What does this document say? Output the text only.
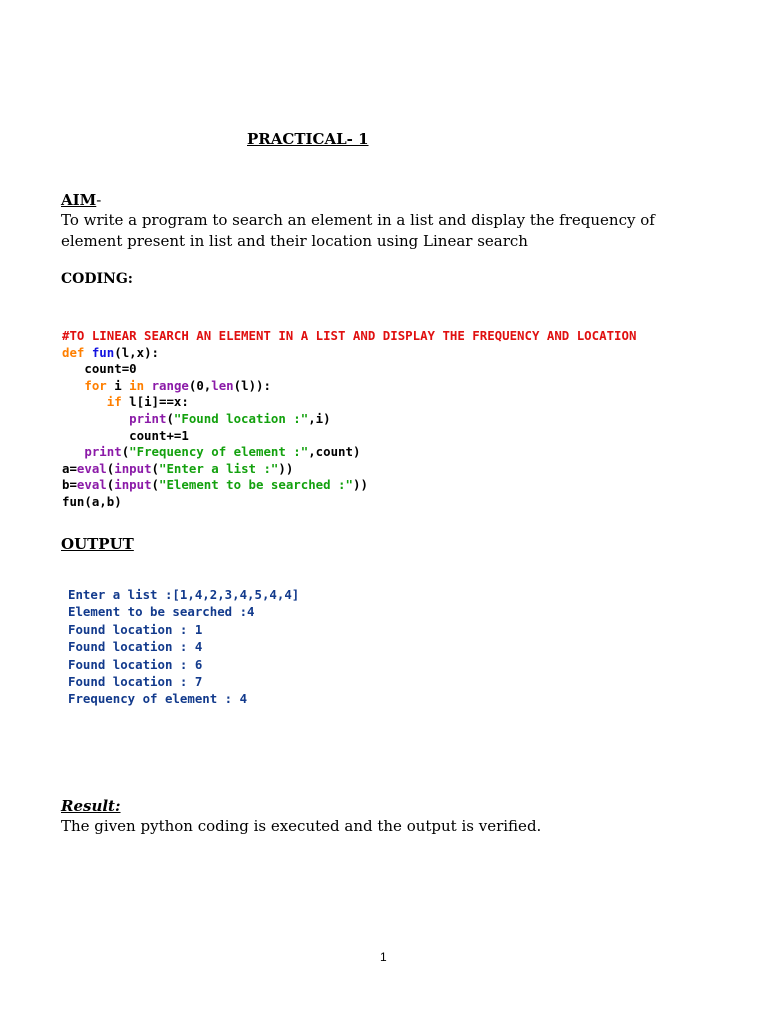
PRACTICAL- 1
AIM-
To write a program to search an element in a list and display the frequency of
element present in list and their location using Linear search
CODING:
#TO LINEAR SEARCH AN ELEMENT IN A LIST AND DISPLAY THE FREQUENCY AND LOCATION
def fun(l,x):
count=0
for i in range(0,len(l)):
if l[i]==x:
print("Found location :",i)
count+=1
print("Frequency of element :",count)
a=eval(input("Enter a list :"))
b=eval(input("Element to be searched :"))
fun(a,b)
OUTPUT
Enter a list :[1,4,2,3,4,5,4,4]
Element to be searched :4
Found location : 1
Found location : 4
Found location : 6
Found location : 7
Frequency of element : 4
Result:
The given python coding is executed and the output is verified.
1
